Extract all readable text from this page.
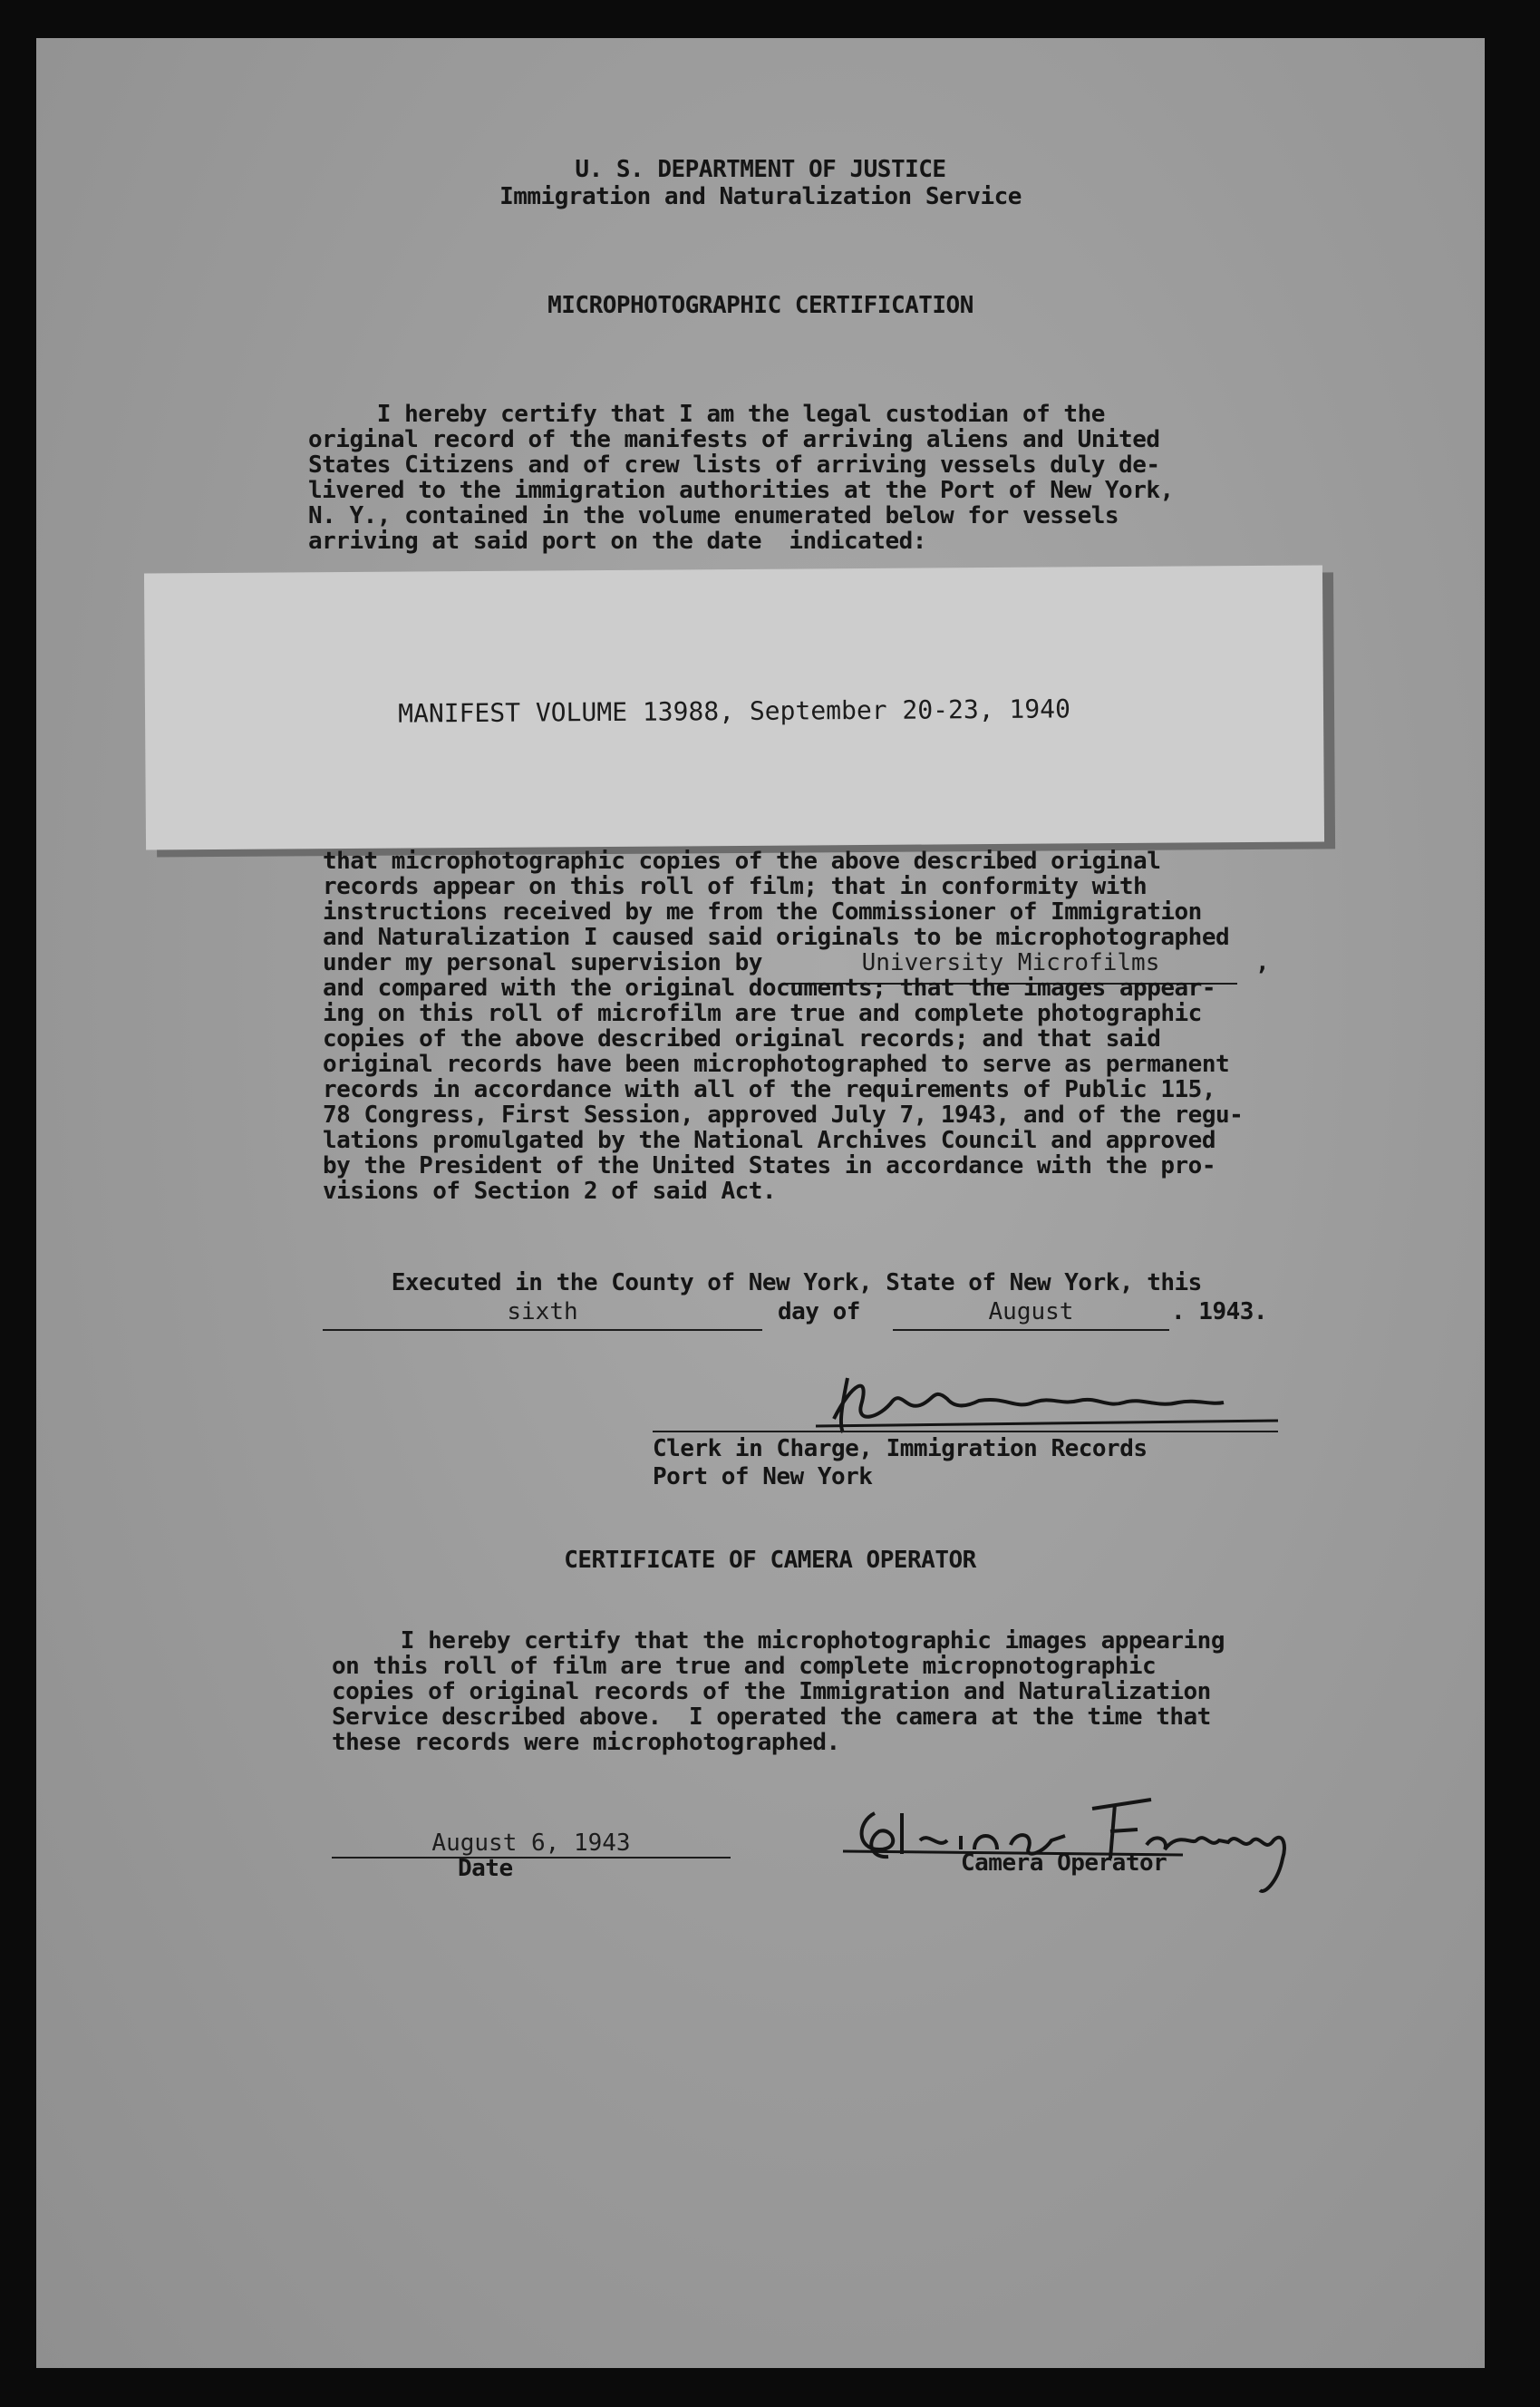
U. S. DEPARTMENT OF JUSTICE
Immigration and Naturalization Service
MICROPHOTOGRAPHIC CERTIFICATION
I hereby certify that I am the legal custodian of the
original record of the manifests of arriving aliens and United
States Citizens and of crew lists of arriving vessels duly de-
livered to the immigration authorities at the Port of New York,
N. Y., contained in the volume enumerated below for vessels
arriving at said port on the date  indicated:
MANIFEST VOLUME 13988, September 20-23, 1940
that microphotographic copies of the above described original
records appear on this roll of film; that in conformity with
instructions received by me from the Commissioner of Immigration
and Naturalization I caused said originals to be microphotographed
under my personal supervision by	University Microfilms	,
and compared with the original documents; that the images appear-
ing on this roll of microfilm are true and complete photographic
copies of the above described original records; and that said
original records have been microphotographed to serve as permanent
records in accordance with all of the requirements of Public 115,
78 Congress, First Session, approved July 7, 1943, and of the regu-
lations promulgated by the National Archives Council and approved
by the President of the United States in accordance with the pro-
visions of Section 2 of said Act.
Executed in the County of New York, State of New York, this
sixth	day of	August	. 1943.
Clerk in Charge, Immigration Records
Port of New York
CERTIFICATE OF CAMERA OPERATOR
I hereby certify that the microphotographic images appearing
on this roll of film are true and complete micropnotographic
copies of original records of the Immigration and Naturalization
Service described above.  I operated the camera at the time that
these records were microphotographed.
August 6, 1943
Date	Camera Operator
